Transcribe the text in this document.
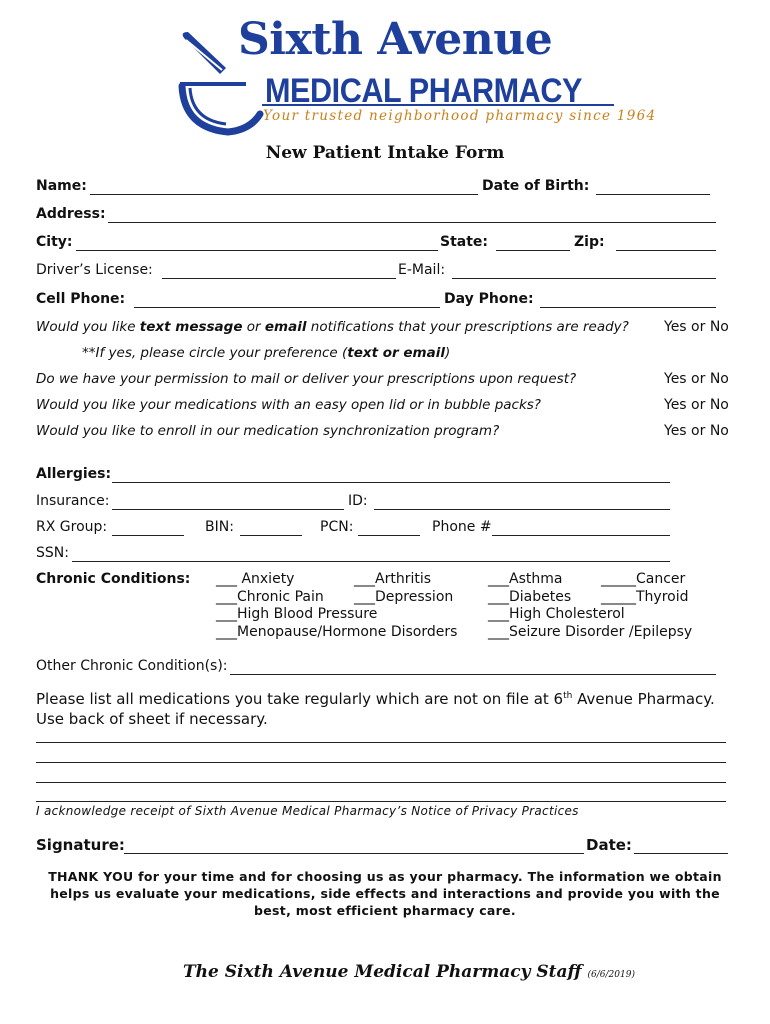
Sixth Avenue
MEDICAL PHARMACY
Your trusted neighborhood pharmacy since 1964
New Patient Intake Form
Name:	Date of Birth:
Address:
City:	State:	Zip:
Driver’s License:	E-Mail:
Cell Phone:	Day Phone:
Would you like text message or email notifications that your prescriptions are ready?	Yes or No
**If yes, please circle your preference (text or email)
Do we have your permission to mail or deliver your prescriptions upon request?	Yes or No
Would you like your medications with an easy open lid or in bubble packs?	Yes or No
Would you like to enroll in our medication synchronization program?	Yes or No
Allergies:
Insurance:	ID:
RX Group:	BIN:	PCN:	Phone #
SSN:
Chronic Conditions: ___ Anxiety	___Arthritis	___Asthma	_____Cancer
___Chronic Pain ___Depression ___Diabetes _____Thyroid
___High Blood Pressure	___High Cholesterol
___Menopause/Hormone Disorders ___Seizure Disorder /Epilepsy
Other Chronic Condition(s):
Please list all medications you take regularly which are not on file at 6th Avenue Pharmacy.
Use back of sheet if necessary.
I acknowledge receipt of Sixth Avenue Medical Pharmacy’s Notice of Privacy Practices
Signature:	Date:
THANK YOU for your time and for choosing us as your pharmacy. The information we obtain helps us evaluate your medications, side effects and interactions and provide you with the best, most efficient pharmacy care.
The Sixth Avenue Medical Pharmacy Staff (6/6/2019)
